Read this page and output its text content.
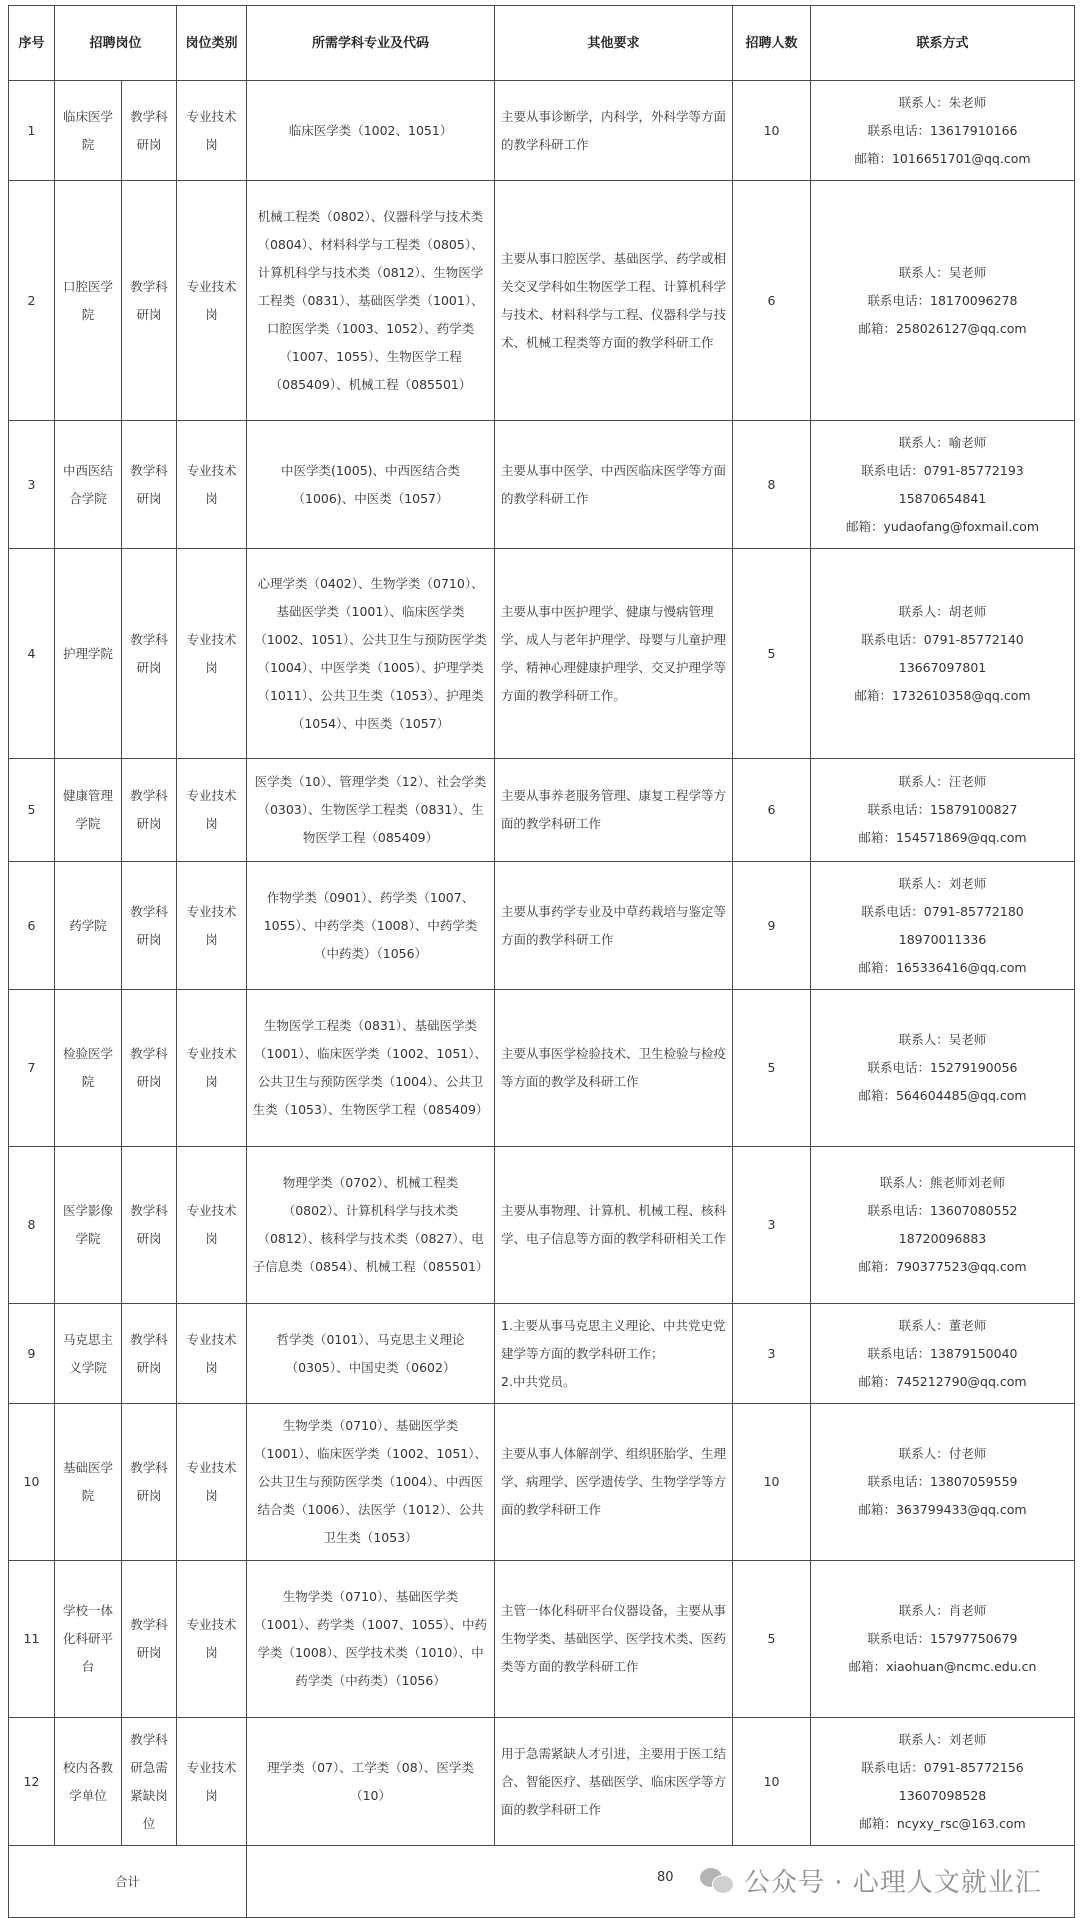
序号	招聘岗位		岗位类别	所需学科专业及代码	其他要求	招聘人数	联系方式
1	临床医学院	教学科研岗	专业技术岗	临床医学类（1002、1051）	主要从事诊断学，内科学，外科学等方面的教学科研工作	10	联系人：朱老师
联系电话：13617910166
邮箱：1016651701@qq.com

2	口腔医学院	教学科研岗	专业技术岗	机械工程类（0802）、仪器科学与技术类（0804）、材料科学与工程类（0805）、计算机科学与技术类（0812）、生物医学工程类（0831）、基础医学类（1001）、口腔医学类（1003、1052）、药学类（1007、1055）、生物医学工程（085409）、机械工程（085501）	主要从事口腔医学、基础医学、药学或相关交叉学科如生物医学工程、计算机科学与技术、材料科学与工程、仪器科学与技术、机械工程类等方面的教学科研工作	6	联系人：吴老师
联系电话：18170096278
邮箱：258026127@qq.com

3	中西医结合学院	教学科研岗	专业技术岗	中医学类(1005)、中西医结合类（1006)、中医类（1057）	主要从事中医学、中西医临床医学等方面的教学科研工作	8	联系人：喻老师
联系电话：0791-85772193
15870654841
邮箱：yudaofang@foxmail.com

4	护理学院	教学科研岗	专业技术岗	心理学类（0402）、生物学类（0710）、基础医学类（1001）、临床医学类（1002、1051）、公共卫生与预防医学类（1004）、中医学类（1005）、护理学类（1011）、公共卫生类（1053）、护理类（1054）、中医类（1057）	主要从事中医护理学、健康与慢病管理学、成人与老年护理学、母婴与儿童护理学、精神心理健康护理学、交叉护理学等方面的教学科研工作。	5	联系人：胡老师
联系电话：0791-85772140
13667097801
邮箱：1732610358@qq.com

5	健康管理学院	教学科研岗	专业技术岗	医学类（10）、管理学类（12）、社会学类（0303）、生物医学工程类（0831）、生物医学工程（085409）	主要从事养老服务管理、康复工程学等方面的教学科研工作	6	联系人：汪老师
联系电话：15879100827
邮箱：154571869@qq.com

6	药学院	教学科研岗	专业技术岗	作物学类（0901）、药学类（1007、1055）、中药学类（1008）、中药学类（中药类）（1056）	主要从事药学专业及中草药栽培与鉴定等方面的教学科研工作	9	联系人：刘老师
联系电话：0791-85772180
18970011336
邮箱：165336416@qq.com

7	检验医学院	教学科研岗	专业技术岗	生物医学工程类（0831）、基础医学类（1001）、临床医学类（1002、1051）、公共卫生与预防医学类（1004）、公共卫生类（1053）、生物医学工程（085409）	主要从事医学检验技术、卫生检验与检疫等方面的教学及科研工作	5	联系人：吴老师
联系电话：15279190056
邮箱：564604485@qq.com

8	医学影像学院	教学科研岗	专业技术岗	物理学类（0702）、机械工程类（0802）、计算机科学与技术类（0812）、核科学与技术类（0827）、电子信息类（0854）、机械工程（085501）	主要从事物理、计算机、机械工程、核科学、电子信息等方面的教学科研相关工作	3	联系人：熊老师刘老师
联系电话：13607080552
18720096883
邮箱：790377523@qq.com

9	马克思主义学院	教学科研岗	专业技术岗	哲学类（0101）、马克思主义理论（0305）、中国史类（0602）	1.主要从事马克思主义理论、中共党史党建学等方面的教学科研工作；
2.中共党员。	3	联系人：董老师
联系电话：13879150040
邮箱：745212790@qq.com

10	基础医学院	教学科研岗	专业技术岗	生物学类（0710）、基础医学类（1001）、临床医学类（1002、1051）、公共卫生与预防医学类（1004）、中西医结合类（1006）、法医学（1012）、公共卫生类（1053）	主要从事人体解剖学、组织胚胎学、生理学、病理学、医学遗传学、生物学学等方面的教学科研工作	10	联系人：付老师
联系电话：13807059559
邮箱：363799433@qq.com

11	学校一体化科研平台	教学科研岗	专业技术岗	生物学类（0710）、基础医学类（1001）、药学类（1007、1055）、中药学类（1008）、医学技术类（1010）、中药学类（中药类）（1056）	主管一体化科研平台仪器设备，主要从事生物学类、基础医学、医学技术类、医药类等方面的教学科研工作	5	联系人：肖老师
联系电话：15797750679
邮箱：xiaohuan@ncmc.edu.cn

12	校内各教学单位	教学科研急需紧缺岗位	专业技术岗	理学类（07）、工学类（08）、医学类（10）	用于急需紧缺人才引进，主要用于医工结合、智能医疗、基础医学、临床医学等方面的教学科研工作	10	联系人：刘老师
联系电话：0791-85772156
13607098528
邮箱：ncyxy_rsc@163.com

合计								80	公众号 · 心理人文就业汇
